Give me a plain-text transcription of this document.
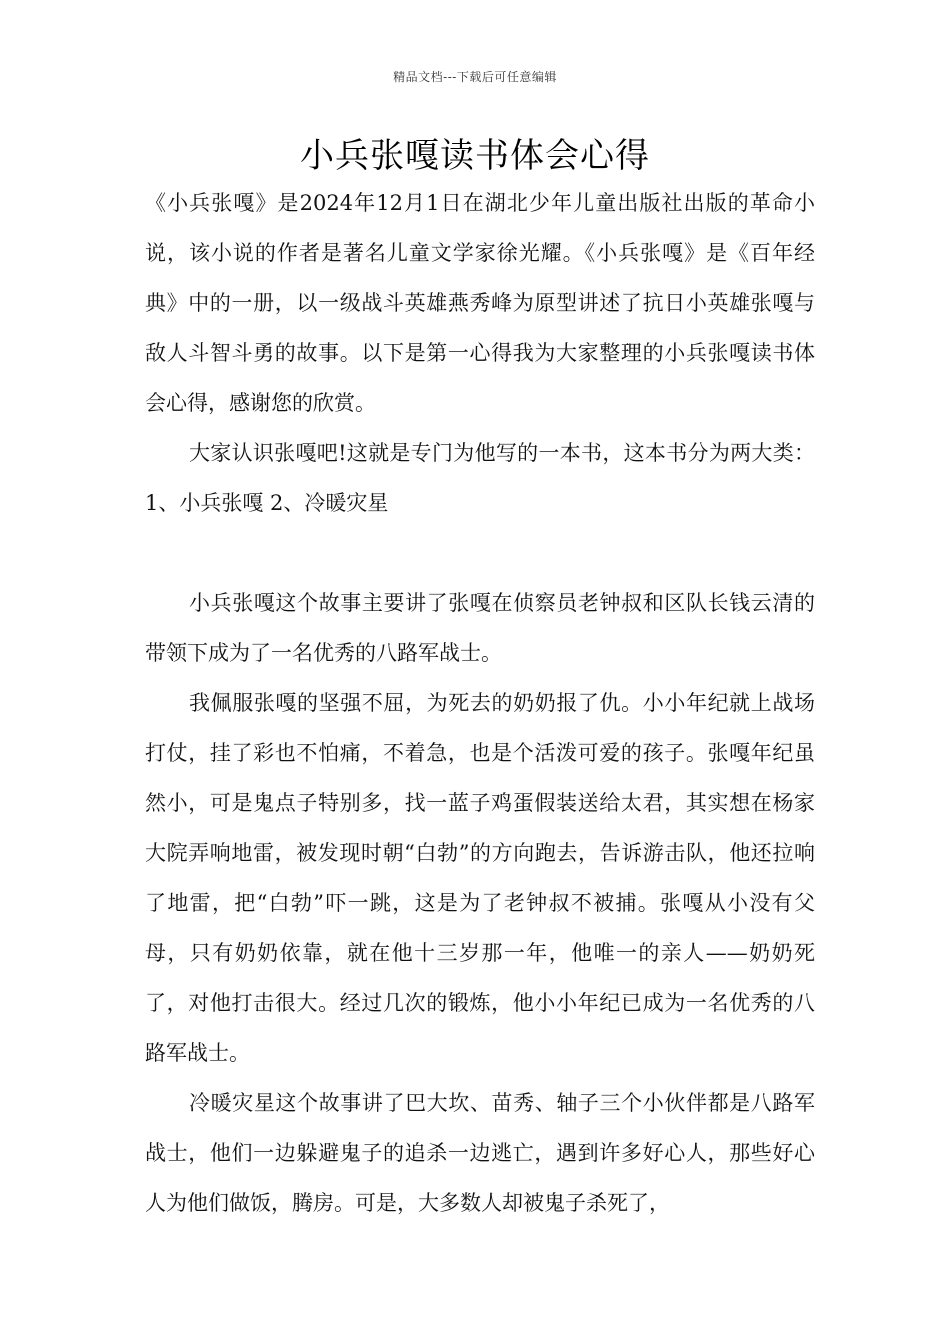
精品文档---下载后可任意编辑
小兵张嘎读书体会心得

《小兵张嘎》是2024年12月1日在湖北少年儿童出版社出版的革命小说，该小说的作者是著名儿童文学家徐光耀。《小兵张嘎》是《百年经典》中的一册，以一级战斗英雄燕秀峰为原型讲述了抗日小英雄张嘎与敌人斗智斗勇的故事。以下是第一心得我为大家整理的小兵张嘎读书体会心得，感谢您的欣赏。

大家认识张嘎吧!这就是专门为他写的一本书，这本书分为两大类：1、小兵张嘎 2、冷暖灾星

小兵张嘎这个故事主要讲了张嘎在侦察员老钟叔和区队长钱云清的带领下成为了一名优秀的八路军战士。

我佩服张嘎的坚强不屈，为死去的奶奶报了仇。小小年纪就上战场打仗，挂了彩也不怕痛，不着急，也是个活泼可爱的孩子。张嘎年纪虽然小，可是鬼点子特别多，找一蓝子鸡蛋假装送给太君，其实想在杨家大院弄响地雷，被发现时朝“白勃”的方向跑去，告诉游击队，他还拉响了地雷，把“白勃”吓一跳，这是为了老钟叔不被捕。张嘎从小没有父母，只有奶奶依靠，就在他十三岁那一年，他唯一的亲人——奶奶死了，对他打击很大。经过几次的锻炼，他小小年纪已成为一名优秀的八路军战士。

冷暖灾星这个故事讲了巴大坎、苗秀、轴子三个小伙伴都是八路军战士，他们一边躲避鬼子的追杀一边逃亡，遇到许多好心人，那些好心人为他们做饭，腾房。可是，大多数人却被鬼子杀死了，
